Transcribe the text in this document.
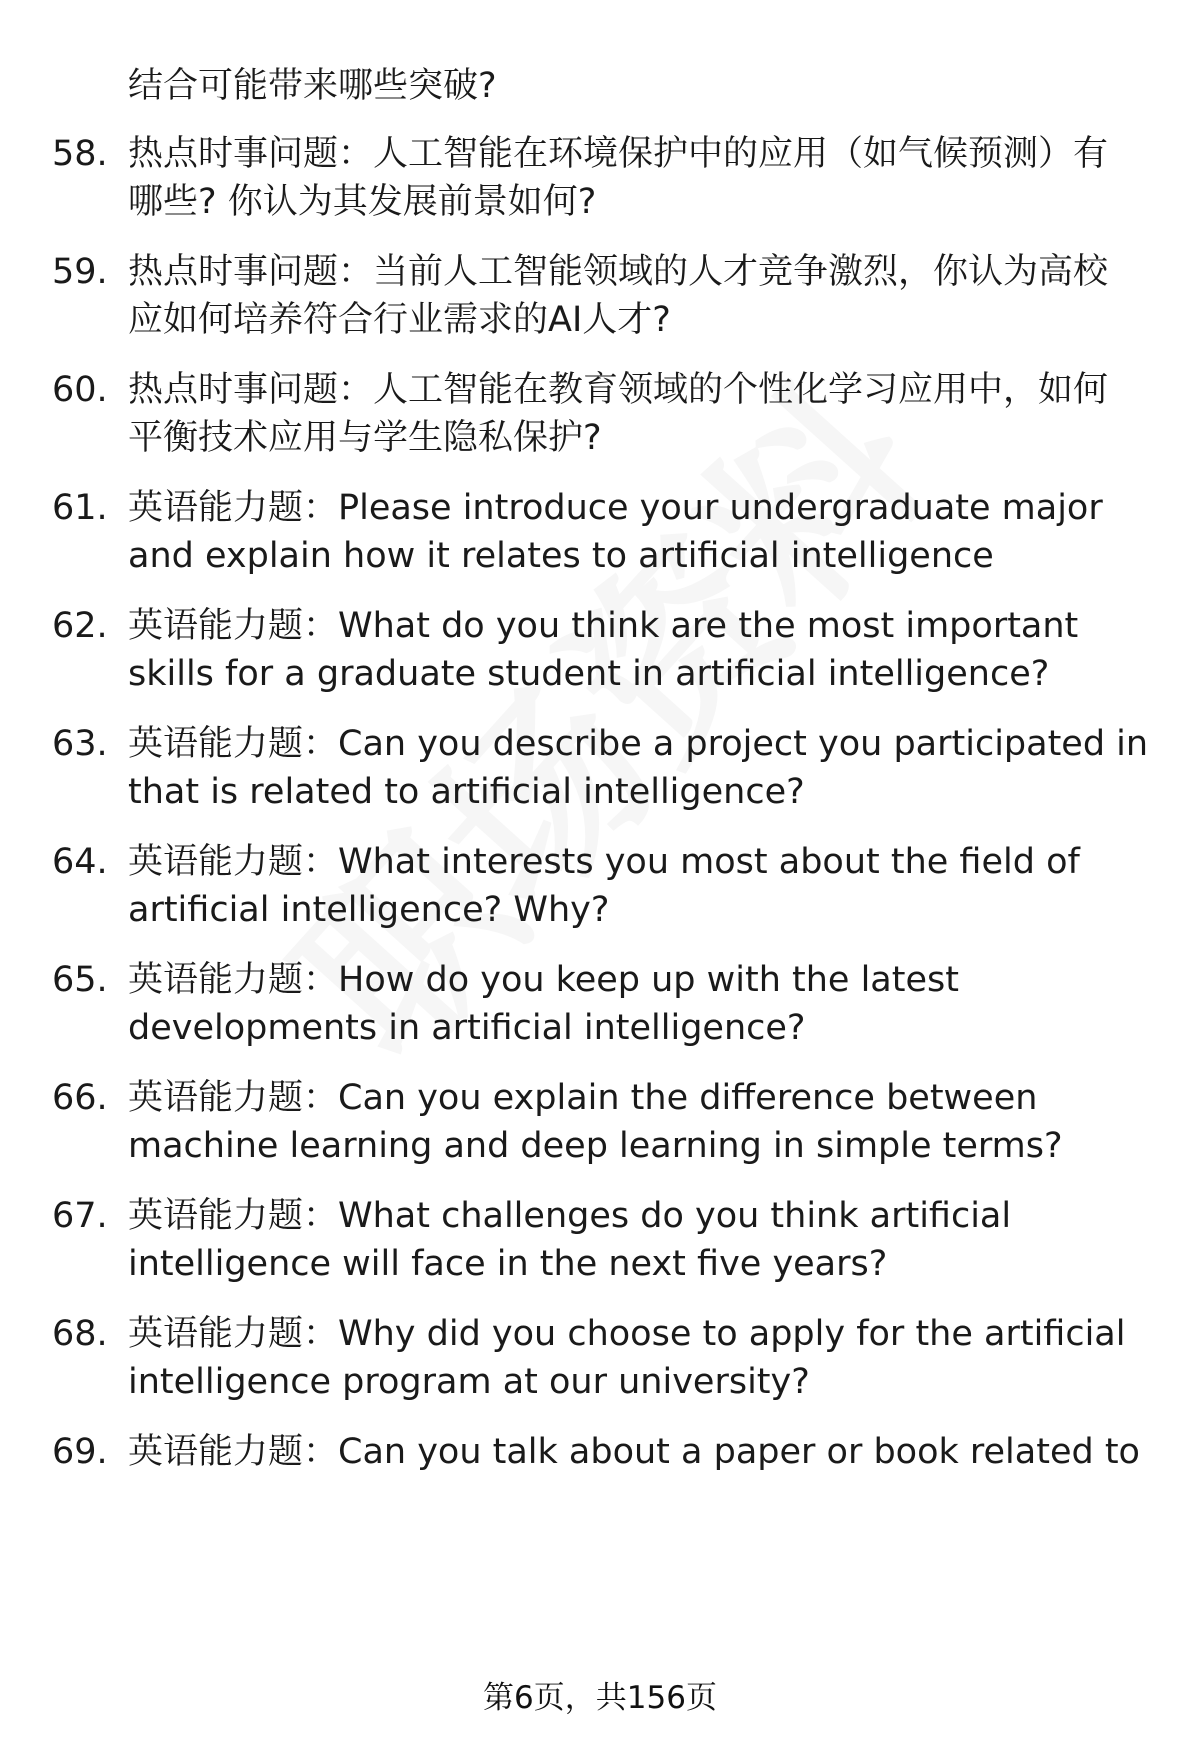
结合可能带来哪些突破?

58. 热点时事问题：人工智能在环境保护中的应用（如气候预测）有
哪些? 你认为其发展前景如何?
59. 热点时事问题：当前人工智能领域的人才竞争激烈，你认为高校
应如何培养符合行业需求的AI人才?
60. 热点时事问题：人工智能在教育领域的个性化学习应用中，如何
平衡技术应用与学生隐私保护?
61. 英语能力题：Please introduce your undergraduate major
and explain how it relates to artificial intelligence
62. 英语能力题：What do you think are the most important
skills for a graduate student in artificial intelligence?
63. 英语能力题：Can you describe a project you participated in
that is related to artificial intelligence?
64. 英语能力题：What interests you most about the field of
artificial intelligence? Why?
65. 英语能力题：How do you keep up with the latest
developments in artificial intelligence?
66. 英语能力题：Can you explain the difference between
machine learning and deep learning in simple terms?
67. 英语能力题：What challenges do you think artificial
intelligence will face in the next five years?
68. 英语能力题：Why did you choose to apply for the artificial
intelligence program at our university?
69. 英语能力题：Can you talk about a paper or book related to
第6页，共156页
